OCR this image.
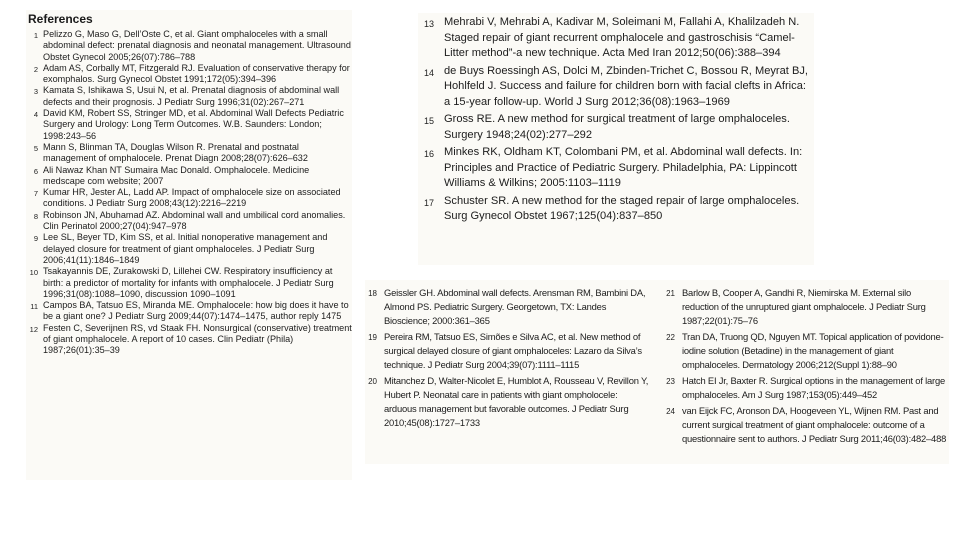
References
1 Pelizzo G, Maso G, Dell’Oste C, et al. Giant omphaloceles with a small abdominal defect: prenatal diagnosis and neonatal management. Ultrasound Obstet Gynecol 2005;26(07):786–788
2 Adam AS, Corbally MT, Fitzgerald RJ. Evaluation of conservative therapy for exomphalos. Surg Gynecol Obstet 1991;172(05):394–396
3 Kamata S, Ishikawa S, Usui N, et al. Prenatal diagnosis of abdominal wall defects and their prognosis. J Pediatr Surg 1996;31(02):267–271
4 David KM, Robert SS, Stringer MD, et al. Abdominal Wall Defects Pediatric Surgery and Urology: Long Term Outcomes. W.B. Saunders: London; 1998:243–56
5 Mann S, Blinman TA, Douglas Wilson R. Prenatal and postnatal management of omphalocele. Prenat Diagn 2008;28(07):626–632
6 Ali Nawaz Khan NT Sumaira Mac Donald. Omphalocele. Medicine medscape com website; 2007
7 Kumar HR, Jester AL, Ladd AP. Impact of omphalocele size on associated conditions. J Pediatr Surg 2008;43(12):2216–2219
8 Robinson JN, Abuhamad AZ. Abdominal wall and umbilical cord anomalies. Clin Perinatol 2000;27(04):947–978
9 Lee SL, Beyer TD, Kim SS, et al. Initial nonoperative management and delayed closure for treatment of giant omphaloceles. J Pediatr Surg 2006;41(11):1846–1849
10 Tsakayannis DE, Zurakowski D, Lillehei CW. Respiratory insufficiency at birth: a predictor of mortality for infants with omphalocele. J Pediatr Surg 1996;31(08):1088–1090, discussion 1090–1091
11 Campos BA, Tatsuo ES, Miranda ME. Omphalocele: how big does it have to be a giant one? J Pediatr Surg 2009;44(07):1474–1475, author reply 1475
12 Festen C, Severijnen RS, vd Staak FH. Nonsurgical (conservative) treatment of giant omphalocele. A report of 10 cases. Clin Pediatr (Phila) 1987;26(01):35–39
13 Mehrabi V, Mehrabi A, Kadivar M, Soleimani M, Fallahi A, Khalilzadeh N. Staged repair of giant recurrent omphalocele and gastroschisis “Camel-Litter method”-a new technique. Acta Med Iran 2012;50(06):388–394
14 de Buys Roessingh AS, Dolci M, Zbinden-Trichet C, Bossou R, Meyrat BJ, Hohlfeld J. Success and failure for children born with facial clefts in Africa: a 15-year follow-up. World J Surg 2012;36(08):1963–1969
15 Gross RE. A new method for surgical treatment of large omphaloceles. Surgery 1948;24(02):277–292
16 Minkes RK, Oldham KT, Colombani PM, et al. Abdominal wall defects. In: Principles and Practice of Pediatric Surgery. Philadelphia, PA: Lippincott Williams & Wilkins; 2005:1103–1119
17 Schuster SR. A new method for the staged repair of large omphaloceles. Surg Gynecol Obstet 1967;125(04):837–850
18 Geissler GH. Abdominal wall defects. Arensman RM, Bambini DA, Almond PS. Pediatric Surgery. Georgetown, TX: Landes Bioscience; 2000:361–365
19 Pereira RM, Tatsuo ES, Simões e Silva AC, et al. New method of surgical delayed closure of giant omphaloceles: Lazaro da Silva’s technique. J Pediatr Surg 2004;39(07):1111–1115
20 Mitanchez D, Walter-Nicolet E, Humblot A, Rousseau V, Revillon Y, Hubert P. Neonatal care in patients with giant ompholocele: arduous management but favorable outcomes. J Pediatr Surg 2010;45(08):1727–1733
21 Barlow B, Cooper A, Gandhi R, Niemirska M. External silo reduction of the unruptured giant omphalocele. J Pediatr Surg 1987;22(01):75–76
22 Tran DA, Truong QD, Nguyen MT. Topical application of povidone-iodine solution (Betadine) in the management of giant omphaloceles. Dermatology 2006;212(Suppl 1):88–90
23 Hatch EI Jr, Baxter R. Surgical options in the management of large omphaloceles. Am J Surg 1987;153(05):449–452
24 van Eijck FC, Aronson DA, Hoogeveen YL, Wijnen RM. Past and current surgical treatment of giant omphalocele: outcome of a questionnaire sent to authors. J Pediatr Surg 2011;46(03):482–488
